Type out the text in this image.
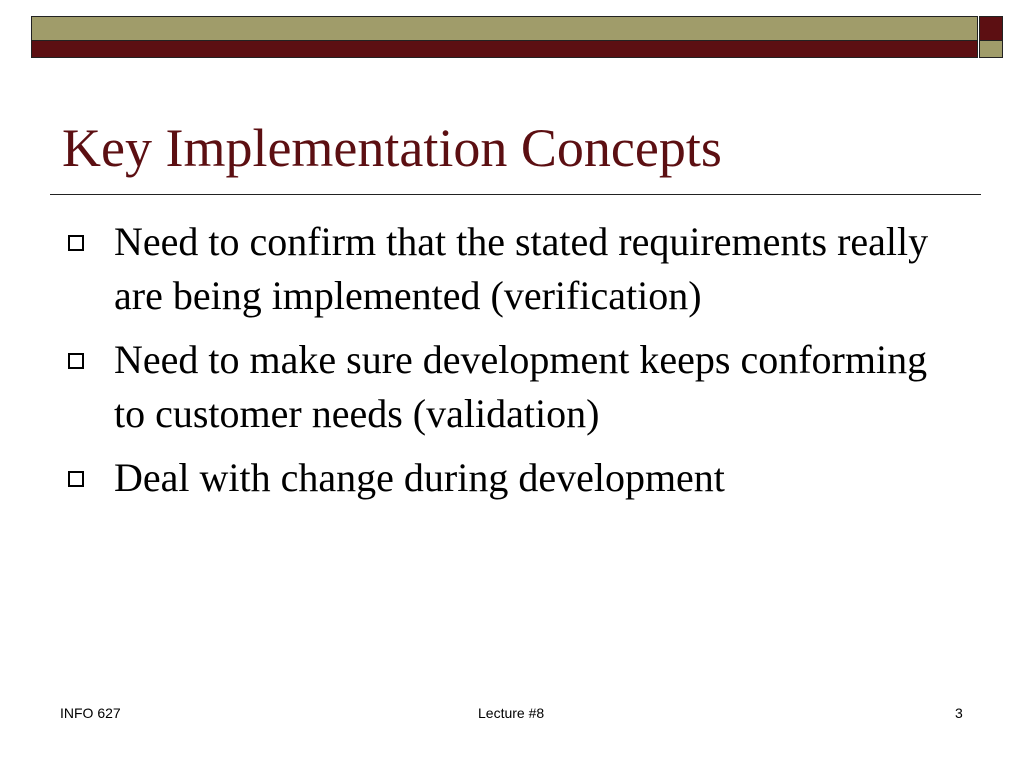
Key Implementation Concepts
Need to confirm that the stated requirements really are being implemented (verification)
Need to make sure development keeps conforming to customer needs (validation)
Deal with change during development
INFO 627	Lecture #8	3
